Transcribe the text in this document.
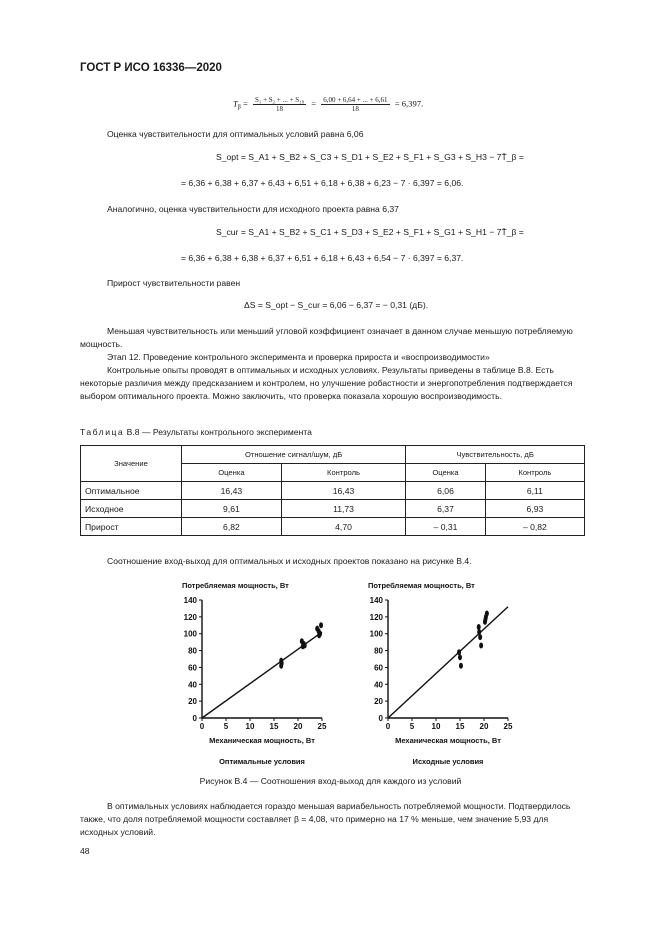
ГОСТ Р ИСО 16336—2020
$T_\beta = \frac{\text{S₁ + S₂ + ... + S₁₈}}{18} = \frac{6,00 + 6,64 + ... + 6,61}{18} = 6,397$.
Оценка чувствительности для оптимальных условий равна 6,06
S_opt = S_A1 + S_B2 + S_C3 + S_D1 + S_E2 + S_F1 + S_G3 + S_H3 − 7T̄_β =
= 6,36 + 6,38 + 6,37 + 6,43 + 6,51 + 6,18 + 6,38 + 6,23 − 7 · 6,397 = 6,06.
Аналогично, оценка чувствительности для исходного проекта равна 6,37
S_cur = S_A1 + S_B2 + S_C1 + S_D3 + S_E2 + S_F1 + S_G1 + S_H1 − 7T̄_β =
= 6,36 + 6,38 + 6,38 + 6,37 + 6,51 + 6,18 + 6,43 + 6,54 − 7 · 6,397 = 6,37.
Прирост чувствительности равен
ΔS = S_opt − S_cur = 6,06 − 6,37 = − 0,31 (дБ).
Меньшая чувствительность или меньший угловой коэффициент означает в данном случае меньшую потребляемую мощность.
Этап 12. Проведение контрольного эксперимента и проверка прироста и «воспроизводимости»
Контрольные опыты проводят в оптимальных и исходных условиях. Результаты приведены в таблице В.8. Есть некоторые различия между предсказанием и контролем, но улучшение робастности и энергопотребления подтверждается выбором оптимального проекта. Можно заключить, что проверка показала хорошую воспроизводимость.
Таблица В.8 — Результаты контрольного эксперимента
Значение	Отношение сигнал/шум, дБ		Чувствительность, дБ	
	Оценка	Контроль	Оценка	Контроль
Оптимальное	16,43	16,43	6,06	6,11
Исходное	9,61	11,73	6,37	6,93
Прирост	6,82	4,70	– 0,31	– 0,82
Соотношение вход-выход для оптимальных и исходных проектов показано на рисунке В.4.
0
20
40
60
80
100
120
140
0 5 10 15 20 25
Потребляемая мощность, Вт
Механическая мощность, Вт
Оптимальные условия
0
20
40
60
80
100
120
140
0 5 10 15 20 25
Потребляемая мощность, Вт
Механическая мощность, Вт
Исходные условия
Рисунок В.4 — Соотношения вход-выход для каждого из условий
В оптимальных условиях наблюдается гораздо меньшая вариабельность потребляемой мощности. Подтвердилось также, что доля потребляемой мощности составляет β = 4,08, что примерно на 17 % меньше, чем значение 5,93 для исходных условий.
48
